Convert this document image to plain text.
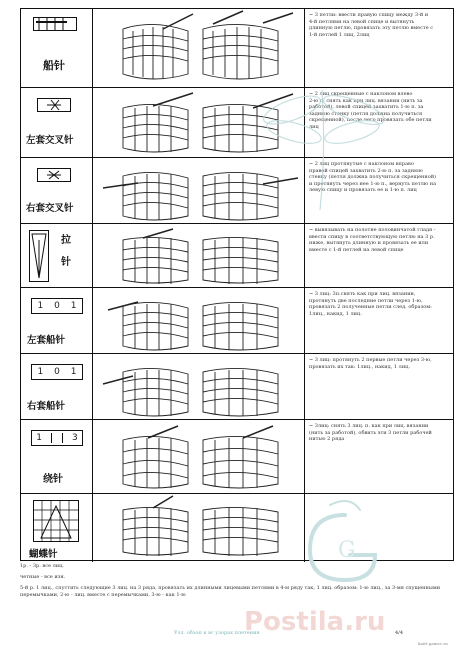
船针
~ 3 петли: ввести правую спицу между 3-й и
4-й петлями на левой спице и вытянуть
длинную петлю, провязать эту петлю вместе с
1-й петлей 1 лиц, 2лиц
左套交叉针
~ 2 лиц скрещенные с наклоном влево
2-ю п. снять как при лиц. вязании (нить за
работой), левой спицей захватить 1-ю п. за
заднюю стенку (петля должна получиться
скрещенной), после чего провязать обе петли
лиц
右套交叉针
~ 2 лиц протянутые с наклоном вправо
правой спицей захватить 2-ю п. за заднюю
стенку (петля должна получиться скрещенной)
и протянуть через нее 1-ю п., вернуть петлю на
левую спицу и провязать ее и 1-ю п. лиц
拉针
~ вывязывать на полотне половинчатой гладя -
ввести спицу в соответствующую петлю на 3 р.
ниже, вытянуть длинную и провязать ее или
вместе с 1-й петлей на левой спице
1 0 1
左套船针
~ 3 лиц: 3п.снять как при лиц. вязании,
протянуть две последние петли через 1-ю,
провязать 2 полученные петли след. образом:
1лиц., накид, 1 лиц.
1 0 1
右套船针
~ 3 лиц: протянуть 2 первые петли через 3-ю,
провязать их так: 1лиц., накид, 1 лиц.
1
	3
绕针
~ 3лиц: снять 3 лиц. п. как при лиц. вязании
(нить за работой), обвить эти 3 петли рабочей
нитью 2 ряда
蝴蝶针	G
1р. - 3р. все лиц.
четные - все изн.
5-й р. 1 лиц., спустить следующие 3 лиц. на 3 ряда, провязать их длинными лицевыми петлями в 4-м ряду так, 1 лиц. образом: 1-ю лиц., за 3-мя спущенными перемычками, 2-ю - лиц. вместе с перемычками, 3-ю - как 1-ю
Postila.ru
Узл. обзоп к вс узорах плетения	4/4
knitt.gamec.ru
